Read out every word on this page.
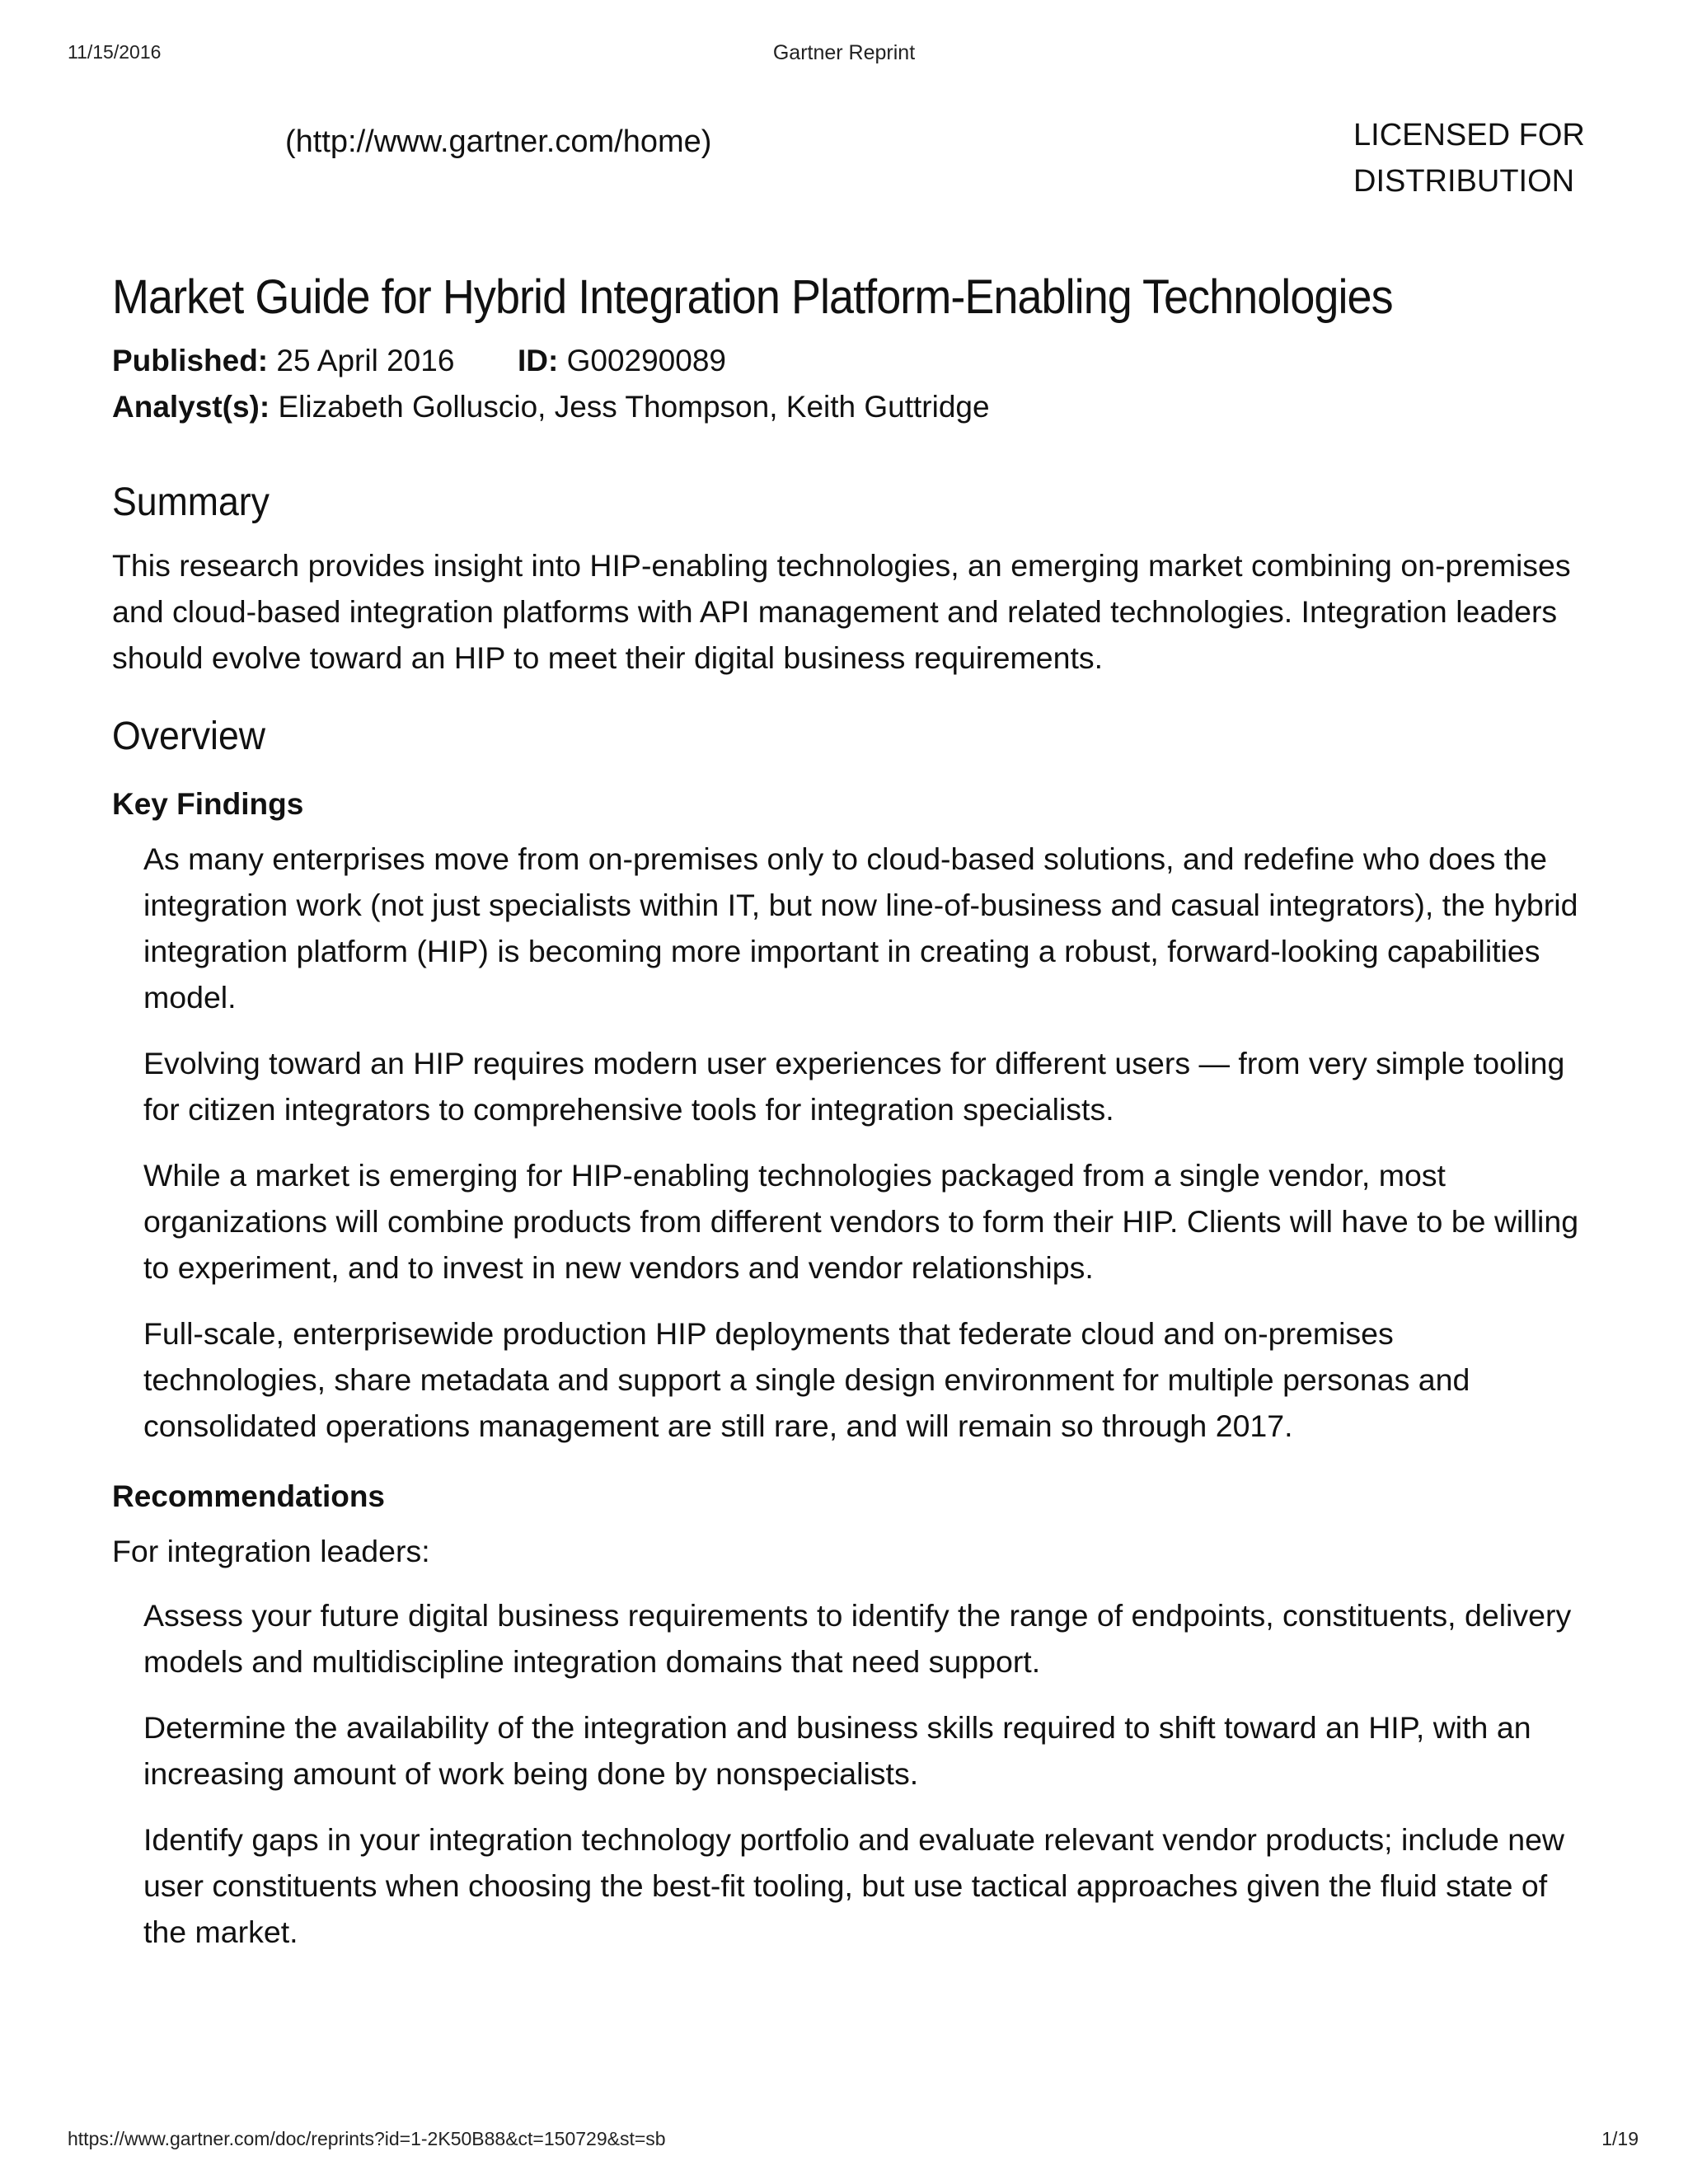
11/15/2016	Gartner Reprint
(http://www.gartner.com/home)	LICENSED FOR
DISTRIBUTION
Market Guide for Hybrid Integration Platform-Enabling Technologies
Published: 25 April 2016 ID: G00290089
Analyst(s): Elizabeth Golluscio, Jess Thompson, Keith Guttridge
Summary

This research provides insight into HIP-enabling technologies, an emerging market combining on-premises and cloud-based integration platforms with API management and related technologies. Integration leaders should evolve toward an HIP to meet their digital business requirements.

Overview
Key Findings
As many enterprises move from on-premises only to cloud-based solutions, and redefine who does the integration work (not just specialists within IT, but now line-of-business and casual integrators), the hybrid integration platform (HIP) is becoming more important in creating a robust, forward-looking capabilities model.
Evolving toward an HIP requires modern user experiences for different users — from very simple tooling for citizen integrators to comprehensive tools for integration specialists.
While a market is emerging for HIP-enabling technologies packaged from a single vendor, most organizations will combine products from different vendors to form their HIP. Clients will have to be willing to experiment, and to invest in new vendors and vendor relationships.
Full-scale, enterprisewide production HIP deployments that federate cloud and on-premises technologies, share metadata and support a single design environment for multiple personas and consolidated operations management are still rare, and will remain so through 2017.
Recommendations
For integration leaders:
Assess your future digital business requirements to identify the range of endpoints, constituents, delivery models and multidiscipline integration domains that need support.
Determine the availability of the integration and business skills required to shift toward an HIP, with an increasing amount of work being done by nonspecialists.
Identify gaps in your integration technology portfolio and evaluate relevant vendor products; include new user constituents when choosing the best-fit tooling, but use tactical approaches given the fluid state of the market.
https://www.gartner.com/doc/reprints?id=1-2K50B88&ct=150729&st=sb	1/19
